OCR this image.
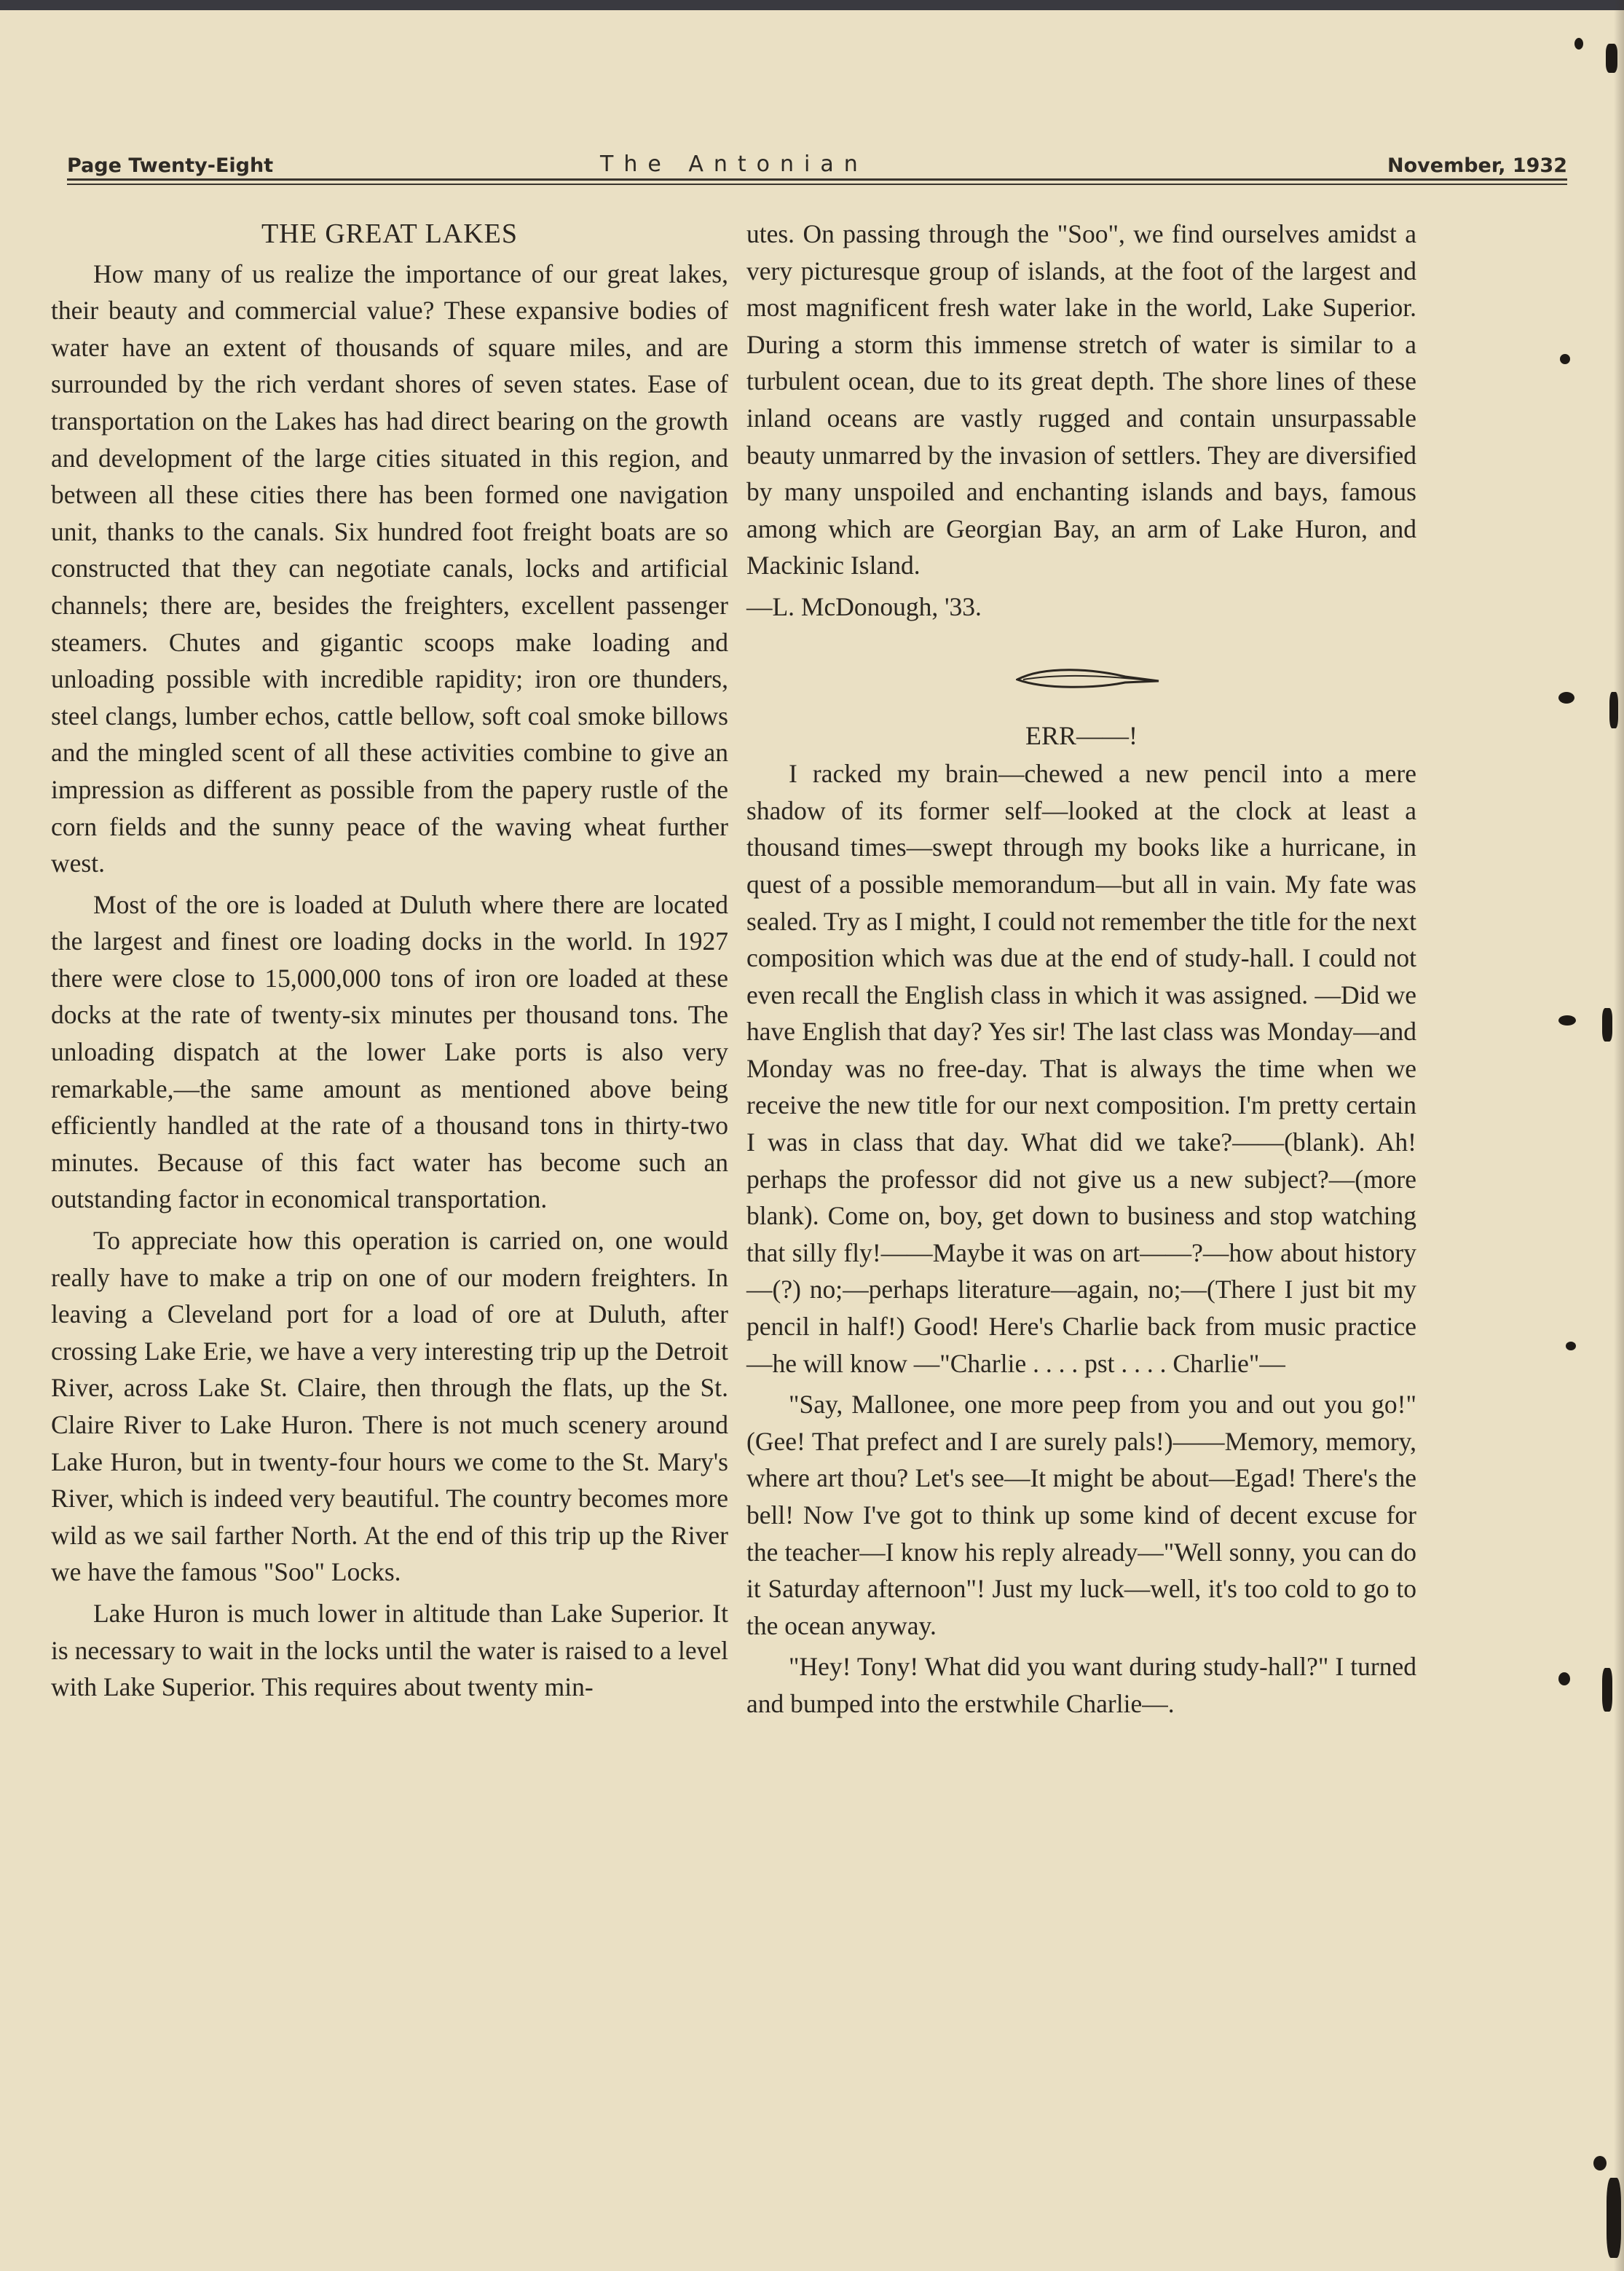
Page Twenty-Eight	The Antonian	November, 1932
THE GREAT LAKES

How many of us realize the importance of our great lakes, their beauty and commercial value? These expansive bodies of water have an extent of thousands of square miles, and are surrounded by the rich verdant shores of seven states. Ease of transportation on the Lakes has had direct bearing on the growth and development of the large cities situated in this region, and between all these cities there has been formed one navigation unit, thanks to the canals. Six hundred foot freight boats are so constructed that they can negotiate canals, locks and artificial channels; there are, besides the freighters, excellent passenger steamers. Chutes and gigantic scoops make loading and unloading possible with incredible rapidity; iron ore thunders, steel clangs, lumber echos, cattle bellow, soft coal smoke billows and the mingled scent of all these activities combine to give an impression as different as possible from the papery rustle of the corn fields and the sunny peace of the waving wheat further west.

Most of the ore is loaded at Duluth where there are located the largest and finest ore loading docks in the world. In 1927 there were close to 15,000,000 tons of iron ore loaded at these docks at the rate of twenty-six minutes per thousand tons. The unloading dispatch at the lower Lake ports is also very remarkable,—the same amount as mentioned above being efficiently handled at the rate of a thousand tons in thirty-two minutes. Because of this fact water has become such an outstanding factor in economical transportation.

To appreciate how this operation is carried on, one would really have to make a trip on one of our modern freighters. In leaving a Cleveland port for a load of ore at Duluth, after crossing Lake Erie, we have a very interesting trip up the Detroit River, across Lake St. Claire, then through the flats, up the St. Claire River to Lake Huron. There is not much scenery around Lake Huron, but in twenty-four hours we come to the St. Mary's River, which is indeed very beautiful. The country becomes more wild as we sail farther North. At the end of this trip up the River we have the famous "Soo" Locks.

Lake Huron is much lower in altitude than Lake Superior. It is necessary to wait in the locks until the water is raised to a level with Lake Superior. This requires about twenty min-

utes. On passing through the "Soo", we find ourselves amidst a very picturesque group of islands, at the foot of the largest and most magnificent fresh water lake in the world, Lake Superior. During a storm this immense stretch of water is similar to a turbulent ocean, due to its great depth. The shore lines of these inland oceans are vastly rugged and contain unsurpassable beauty unmarred by the invasion of settlers. They are diversified by many unspoiled and enchanting islands and bays, famous among which are Georgian Bay, an arm of Lake Huron, and Mackinic Island.

—L. McDonough, '33.

ERR——!

I racked my brain—chewed a new pencil into a mere shadow of its former self—looked at the clock at least a thousand times—swept through my books like a hurricane, in quest of a possible memorandum—but all in vain. My fate was sealed. Try as I might, I could not remember the title for the next composition which was due at the end of study-hall. I could not even recall the English class in which it was assigned. —Did we have English that day? Yes sir! The last class was Monday—and Monday was no free-day. That is always the time when we receive the new title for our next composition. I'm pretty certain I was in class that day. What did we take?——(blank). Ah! perhaps the professor did not give us a new subject?—(more blank). Come on, boy, get down to business and stop watching that silly fly!——Maybe it was on art——?—how about history—(?) no;—perhaps literature—again, no;—(There I just bit my pencil in half!) Good! Here's Charlie back from music practice—he will know —"Charlie . . . . pst . . . . Charlie"—

"Say, Mallonee, one more peep from you and out you go!" (Gee! That prefect and I are surely pals!)——Memory, memory, where art thou? Let's see—It might be about—Egad! There's the bell! Now I've got to think up some kind of decent excuse for the teacher—I know his reply already—"Well sonny, you can do it Saturday afternoon"! Just my luck—well, it's too cold to go to the ocean anyway.

"Hey! Tony! What did you want during study-hall?" I turned and bumped into the erstwhile Charlie—.
